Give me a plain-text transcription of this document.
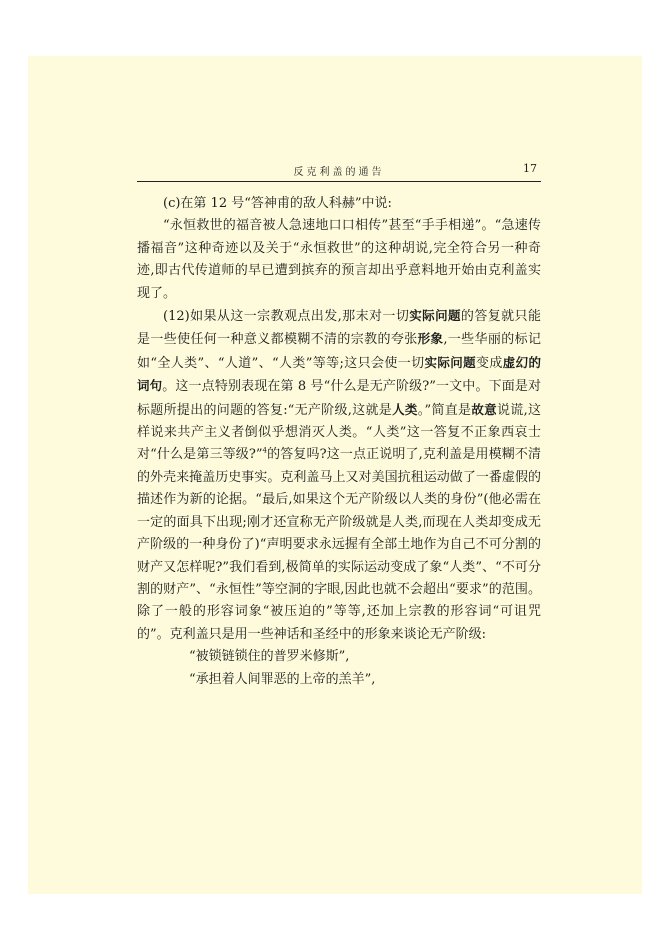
反克利盖的通告	17

(c)在第 12 号“答神甫的敌人科赫”中说:

“永恒救世的福音被人急速地口口相传”甚至“手手相递”。“急速传播福音”这种奇迹以及关于“永恒救世”的这种胡说,完全符合另一种奇迹,即古代传道师的早已遭到摈弃的预言却出乎意料地开始由克利盖实现了。

(12)如果从这一宗教观点出发,那末对一切实际问题的答复就只能是一些使任何一种意义都模糊不清的宗教的夸张形象,一些华丽的标记如“全人类”、“人道”、“人类”等等;这只会使一切实际问题变成虚幻的词句。这一点特别表现在第 8 号“什么是无产阶级?”一文中。下面是对标题所提出的问题的答复:“无产阶级,这就是人类。”简直是故意说谎,这样说来共产主义者倒似乎想消灭人类。“人类”这一答复不正象西哀士对“什么是第三等级?”$^4$的答复吗?这一点正说明了,克利盖是用模糊不清的外壳来掩盖历史事实。克利盖马上又对美国抗租运动做了一番虚假的描述作为新的论据。“最后,如果这个无产阶级以人类的身份”(他必需在一定的面具下出现;刚才还宣称无产阶级就是人类,而现在人类却变成无产阶级的一种身份了)“声明要求永远握有全部土地作为自己不可分割的财产又怎样呢?”我们看到,极简单的实际运动变成了象“人类”、“不可分割的财产”、“永恒性”等空洞的字眼,因此也就不会超出“要求”的范围。除了一般的形容词象“被压迫的”等等,还加上宗教的形容词“可诅咒的”。克利盖只是用一些神话和圣经中的形象来谈论无产阶级:

“被锁链锁住的普罗米修斯”,

“承担着人间罪恶的上帝的羔羊”,
